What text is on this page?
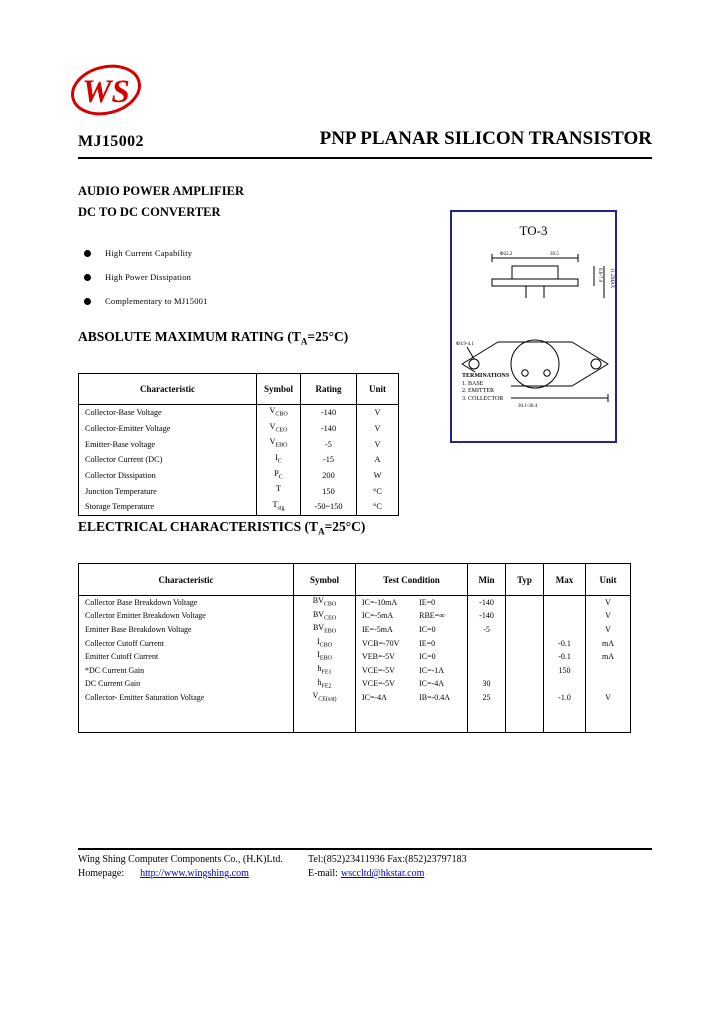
WS
MJ15002	PNP PLANAR SILICON TRANSISTOR
AUDIO POWER AMPLIFIER
DC TO DC CONVERTER
High Current Capability
High Power Dissipation
Complementary to MJ15001
TO-3
Φ22.2	39.5
6.6-7.0 11.2MAX
Φ3.9-4.1
30.1-30.4
TERMINATIONS
1. BASE
2. EMITTER
3. COLLECTOR
ABSOLUTE MAXIMUM RATING $(T_A=25^\circ C)$
Characteristic	Symbol	Rating	Unit
Collector-Base Voltage	$V_{CBO}$	-140	V
Collector-Emitter Voltage	$V_{CEO}$	-140	V
Emitter-Base voltage	$V_{EBO}$	-5	V
Collector Current (DC)	$I_C$	-15	A
Collector Dissipation	$P_C$	200	W
Junction Temperature	T	150	°C
Storage Temperature	$T_{stg}$	-50~150	°C
ELECTRICAL CHARACTERISTICS $(T_A=25^\circ C)$
Characteristic	Symbol	Test Condition	Min	Typ	Max	Unit
Collector Base Breakdown Voltage	$BV_{CBO}$	IC=-10mA IE=0	-140			V
Collector Emitter Breakdown Voltage	$BV_{CEO}$	IC=-5mA RBE=∞	-140			V
Emitter Base Breakdown Voltage	$BV_{EBO}$	IE=-5mA IC=0	-5			V
Collector Cutoff Current	$I_{CBO}$	VCB=-70V IE=0			-0.1	mA
Emitter Cutoff Current	$I_{EBO}$	VEB=-5V IC=0			-0.1	mA
*DC Current Gain	$h_{FE1}$	VCE=-5V IC=-1A			150	
DC Current Gain	$h_{FE2}$	VCE=-5V IC=-4A	30			
Collector- Emitter Saturation Voltage	$V_{CE(sat)}$	IC=-4A IB=-0.4A	25		-1.0	V

Wing Shing Computer Components Co., (H.K)Ltd.	Tel:(852)23411936 Fax:(852)23797183
Homepage: http://www.wingshing.com	E-mail: wsccltd@hkstar.com
